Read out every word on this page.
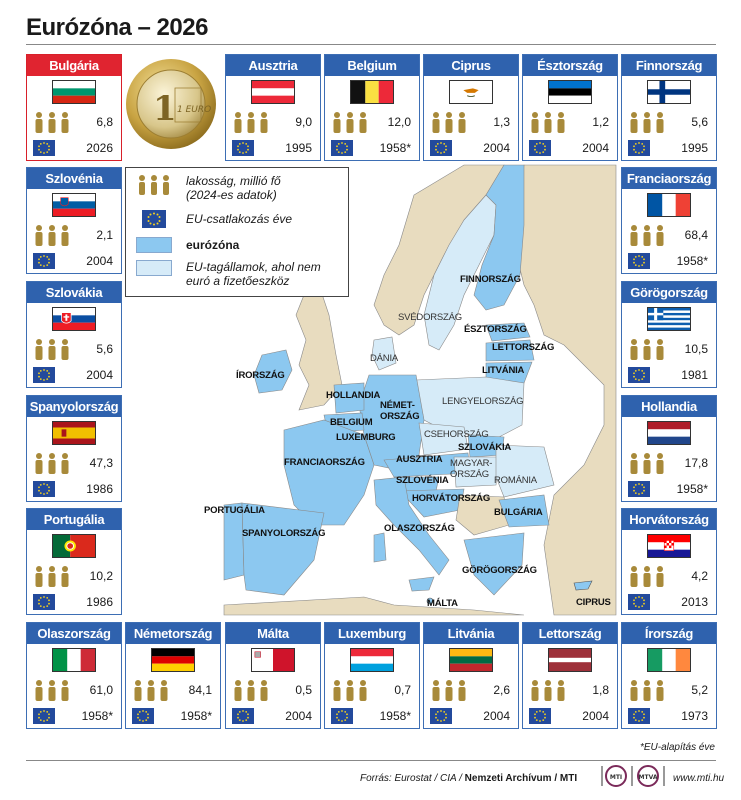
Eurózóna – 2026
1 1 EURO
Bulgária
6,8
2026
Ausztria
9,0
1995
Belgium
12,0
1958*
Ciprus
1,3
2004
Észtország
1,2
2004
Finnország
5,6
1995
Szlovénia
2,1
2004
Franciaország
68,4
1958*
Szlovákia
5,6
2004
Görögország
10,5
1981
Spanyolország
47,3
1986
Hollandia
17,8
1958*
Portugália
10,2
1986
Horvátország
4,2
2013
Olaszország
61,0
1958*
Németország
84,1
1958*
Málta
0,5
2004
Luxemburg
0,7
1958*
Litvánia
2,6
2004
Lettország
1,8
2004
Írország
5,2
1973
lakosság, millió fő
(2024-es adatok)
EU-csatlakozás éve
eurózóna
EU-tagállamok, ahol nem
euró a fizetőeszköz	FINNORSZÁG
ÉSZTORSZÁG
LETTORSZÁG
LITVÁNIA
ÍRORSZÁG
HOLLANDIA
NÉMET-
ORSZÁG
BELGIUM
LUXEMBURG
FRANCIAORSZÁG	AUSZTRIA
SZLOVÁKIA
SZLOVÉNIA
HORVÁTORSZÁG
PORTUGÁLIA
SPANYOLORSZÁG	OLASZORSZÁG
BULGÁRIA
GÖRÖGORSZÁG
MÁLTA	CIPRUS
SVÉDORSZÁG
DÁNIA
LENGYELORSZÁG
CSEHORSZÁG
MAGYAR-
ORSZÁG
ROMÁNIA
*EU-alapítás éve
Forrás: Eurostat / CIA / Nemzeti Archívum / MTI	MTI	MTVA www.mti.hu
